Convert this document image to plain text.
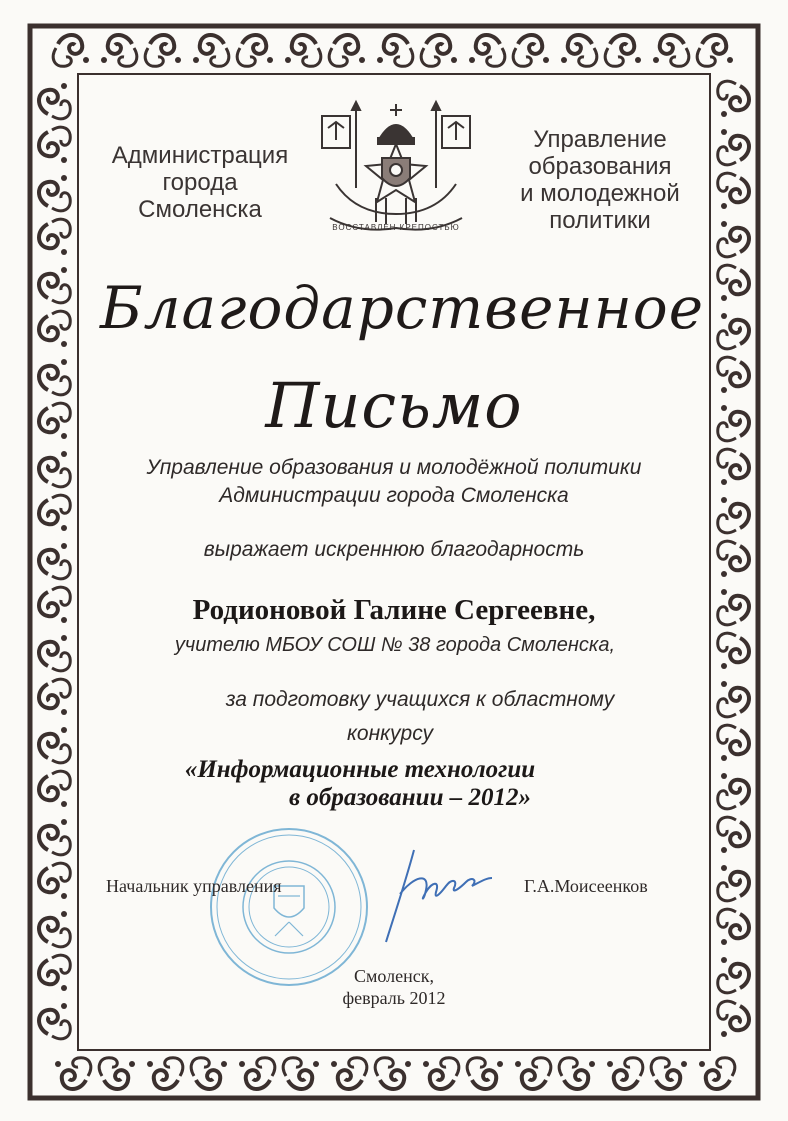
ВОССТАВЛЕН КРЕПОСТЬЮ
Администрация
города
Смоленска
Управление
образования
и молодежной
политики
Благодарственное
Письмо
Управление образования и молодёжной политики
Администрации города Смоленска
выражает искреннюю благодарность
Родионовой Галине Сергеевне,
учителю МБОУ СОШ № 38 города Смоленска,
за подготовку учащихся к областному
конкурсу
«Информационные технологии
в образовании – 2012»
Начальник управления	Г.А.Моисеенков
Смоленск,
февраль 2012
